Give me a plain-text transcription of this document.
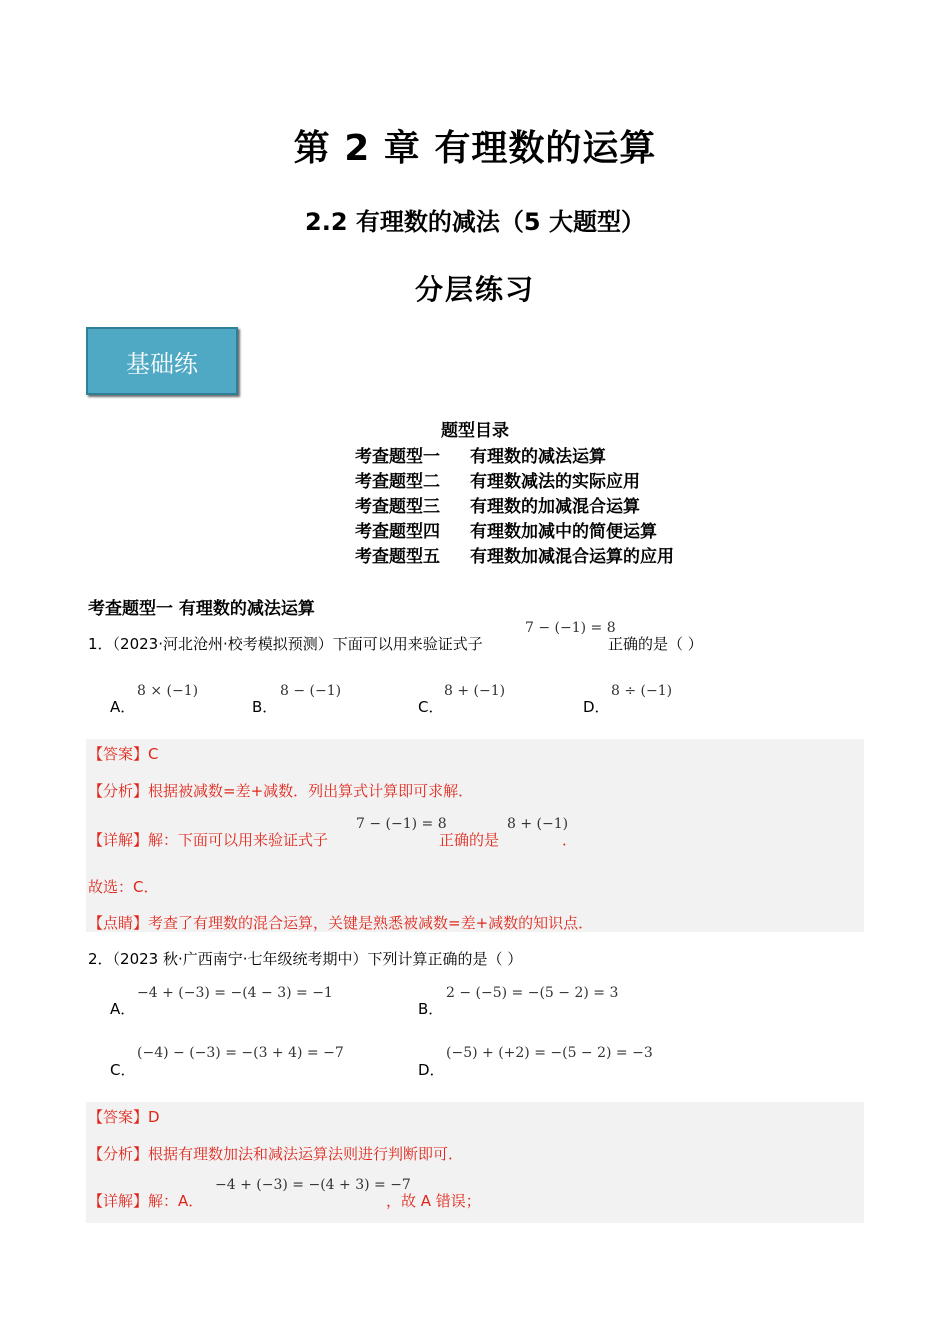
第 2 章 有理数的运算
2.2 有理数的减法（5 大题型）
分层练习
基础练
题型目录
考查题型一 有理数的减法运算
考查题型二 有理数减法的实际应用
考查题型三 有理数的加减混合运算
考查题型四 有理数加减中的简便运算
考查题型五 有理数加减混合运算的应用
考查题型一 有理数的减法运算
1．（2023·河北沧州·校考模拟预测）下面可以用来验证式子
7 − (−1) = 8
正确的是（ ）
A．
8 × (−1)
B．
8 − (−1)
C．
8 + (−1)
D．
8 ÷ (−1)
【答案】C
【分析】根据被减数=差+减数．列出算式计算即可求解．
【详解】解：下面可以用来验证式子
7 − (−1) = 8
正确的是
8 + (−1)
．
故选：C．
【点睛】考查了有理数的混合运算，关键是熟悉被减数=差+减数的知识点．
2．（2023 秋·广西南宁·七年级统考期中）下列计算正确的是（ ）
A．
−4 + (−3) = −(4 − 3) = −1
B．
2 − (−5) = −(5 − 2) = 3
C．
(−4) − (−3) = −(3 + 4) = −7
D．
(−5) + (+2) = −(5 − 2) = −3
【答案】D
【分析】根据有理数加法和减法运算法则进行判断即可．
【详解】解：A．
−4 + (−3) = −(4 + 3) = −7
，故 A 错误；
